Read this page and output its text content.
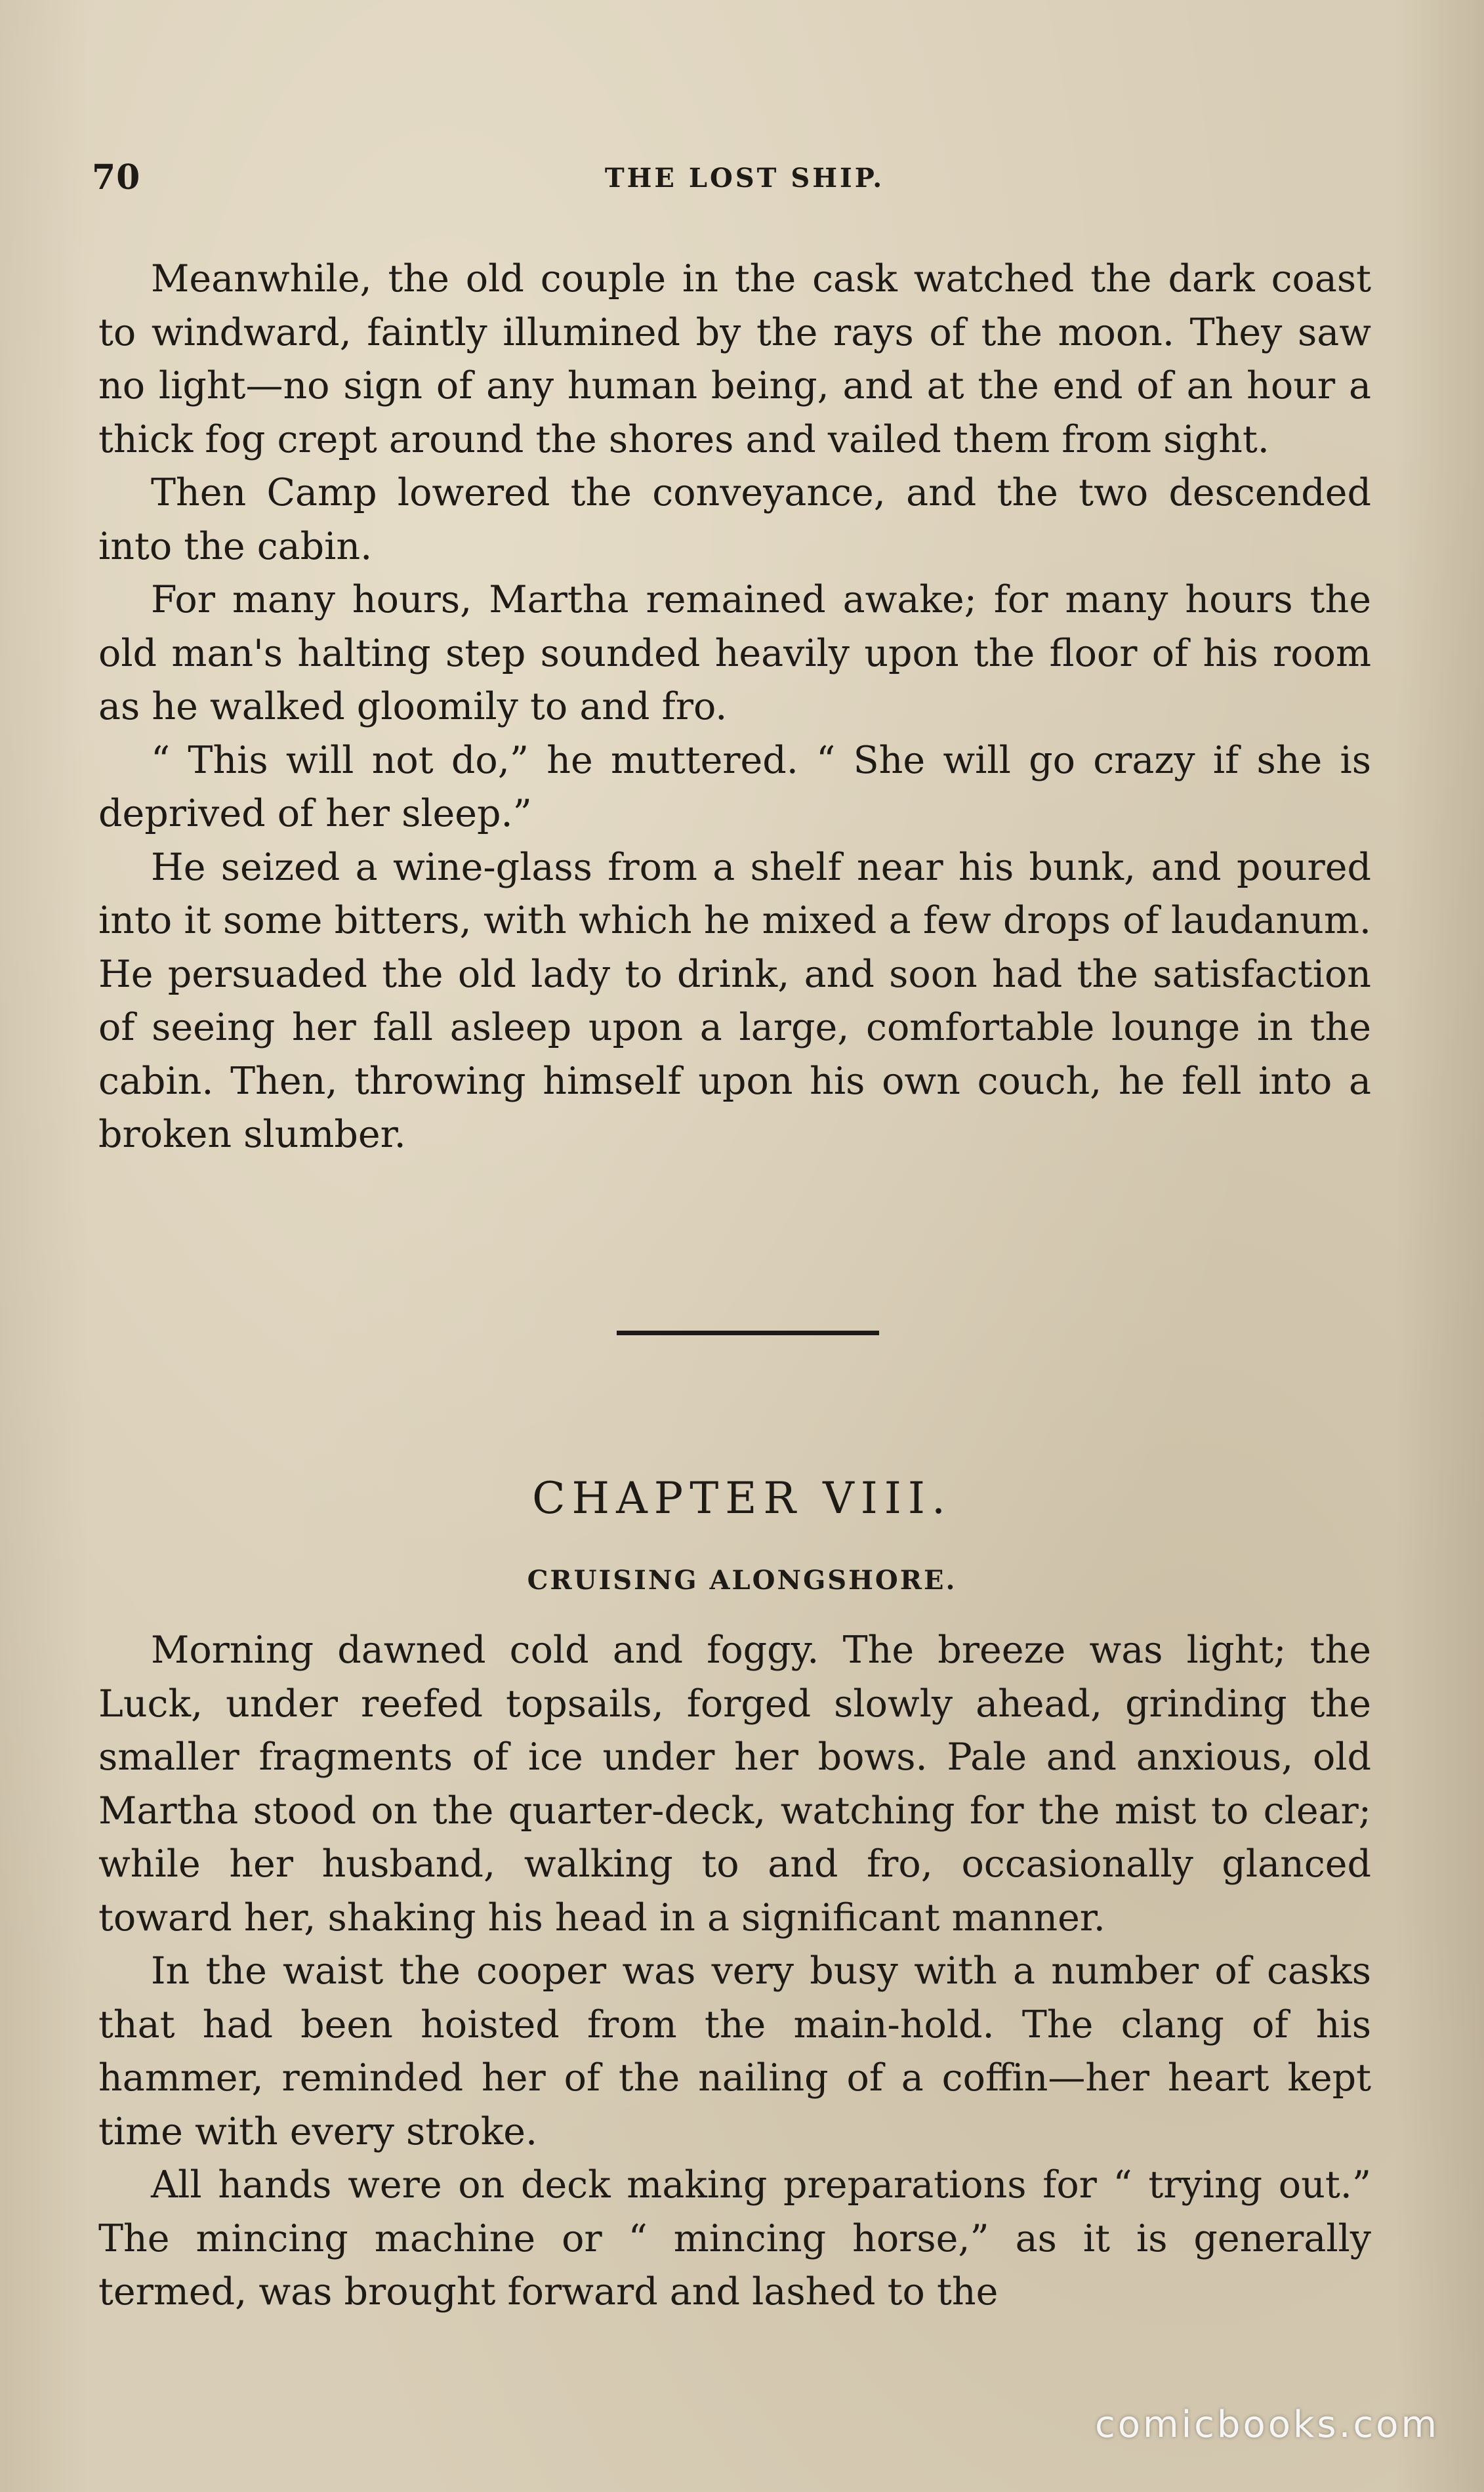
70	THE LOST SHIP.

Meanwhile, the old couple in the cask watched the dark coast to windward, faintly illumined by the rays of the moon. They saw no light—no sign of any human being, and at the end of an hour a thick fog crept around the shores and vailed them from sight.

Then Camp lowered the conveyance, and the two descended into the cabin.

For many hours, Martha remained awake; for many hours the old man's halting step sounded heavily upon the floor of his room as he walked gloomily to and fro.

“ This will not do,” he muttered. “ She will go crazy if she is deprived of her sleep.”

He seized a wine-glass from a shelf near his bunk, and poured into it some bitters, with which he mixed a few drops of laudanum. He persuaded the old lady to drink, and soon had the satisfaction of seeing her fall asleep upon a large, comfortable lounge in the cabin. Then, throwing himself upon his own couch, he fell into a broken slumber.

CHAPTER VIII.
CRUISING ALONGSHORE.

Morning dawned cold and foggy. The breeze was light; the Luck, under reefed topsails, forged slowly ahead, grinding the smaller fragments of ice under her bows. Pale and anxious, old Martha stood on the quarter-deck, watching for the mist to clear; while her husband, walking to and fro, occasionally glanced toward her, shaking his head in a significant manner.

In the waist the cooper was very busy with a number of casks that had been hoisted from the main-hold. The clang of his hammer, reminded her of the nailing of a coffin—her heart kept time with every stroke.

All hands were on deck making preparations for “ trying out.” The mincing machine or “ mincing horse,” as it is generally termed, was brought forward and lashed to the

comicbooks.com
